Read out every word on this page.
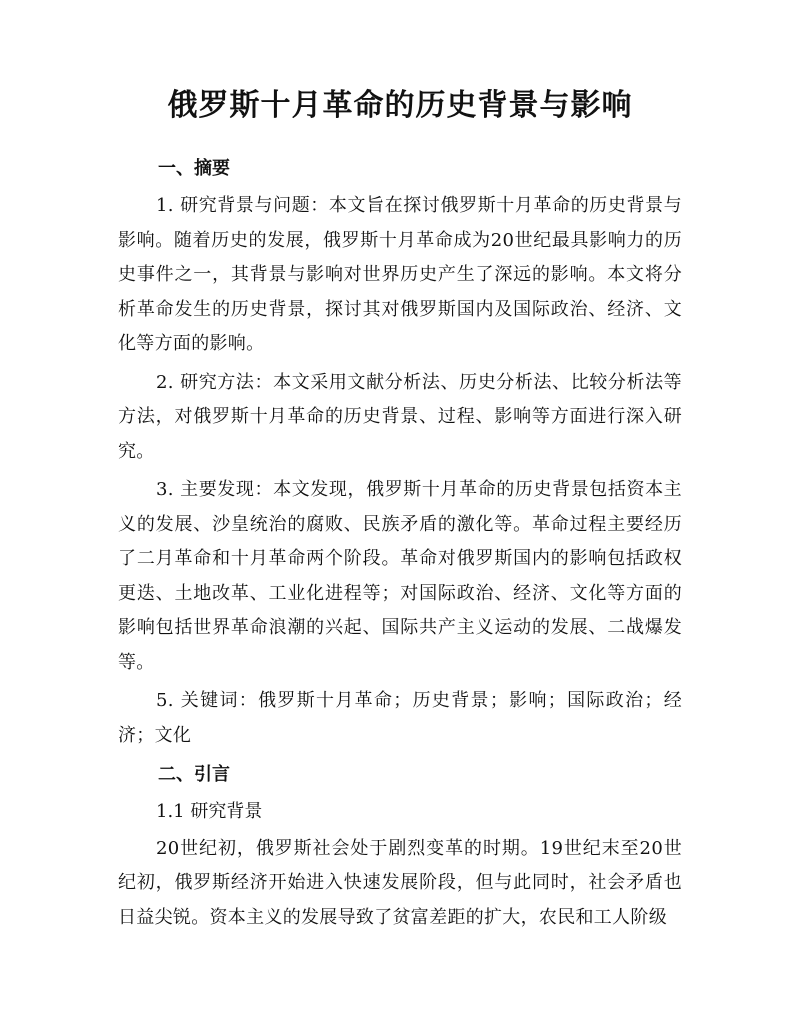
俄罗斯十月革命的历史背景与影响
一、摘要

1. 研究背景与问题：本文旨在探讨俄罗斯十月革命的历史背景与影响。随着历史的发展，俄罗斯十月革命成为20世纪最具影响力的历史事件之一，其背景与影响对世界历史产生了深远的影响。本文将分析革命发生的历史背景，探讨其对俄罗斯国内及国际政治、经济、文化等方面的影响。

2. 研究方法：本文采用文献分析法、历史分析法、比较分析法等方法，对俄罗斯十月革命的历史背景、过程、影响等方面进行深入研究。

3. 主要发现：本文发现，俄罗斯十月革命的历史背景包括资本主义的发展、沙皇统治的腐败、民族矛盾的激化等。革命过程主要经历了二月革命和十月革命两个阶段。革命对俄罗斯国内的影响包括政权更迭、土地改革、工业化进程等；对国际政治、经济、文化等方面的影响包括世界革命浪潮的兴起、国际共产主义运动的发展、二战爆发等。

5. 关键词：俄罗斯十月革命；历史背景；影响；国际政治；经济；文化

二、引言

1.1 研究背景

20世纪初，俄罗斯社会处于剧烈变革的时期。19世纪末至20世纪初，俄罗斯经济开始进入快速发展阶段，但与此同时，社会矛盾也日益尖锐。资本主义的发展导致了贫富差距的扩大，农民和工人阶级
